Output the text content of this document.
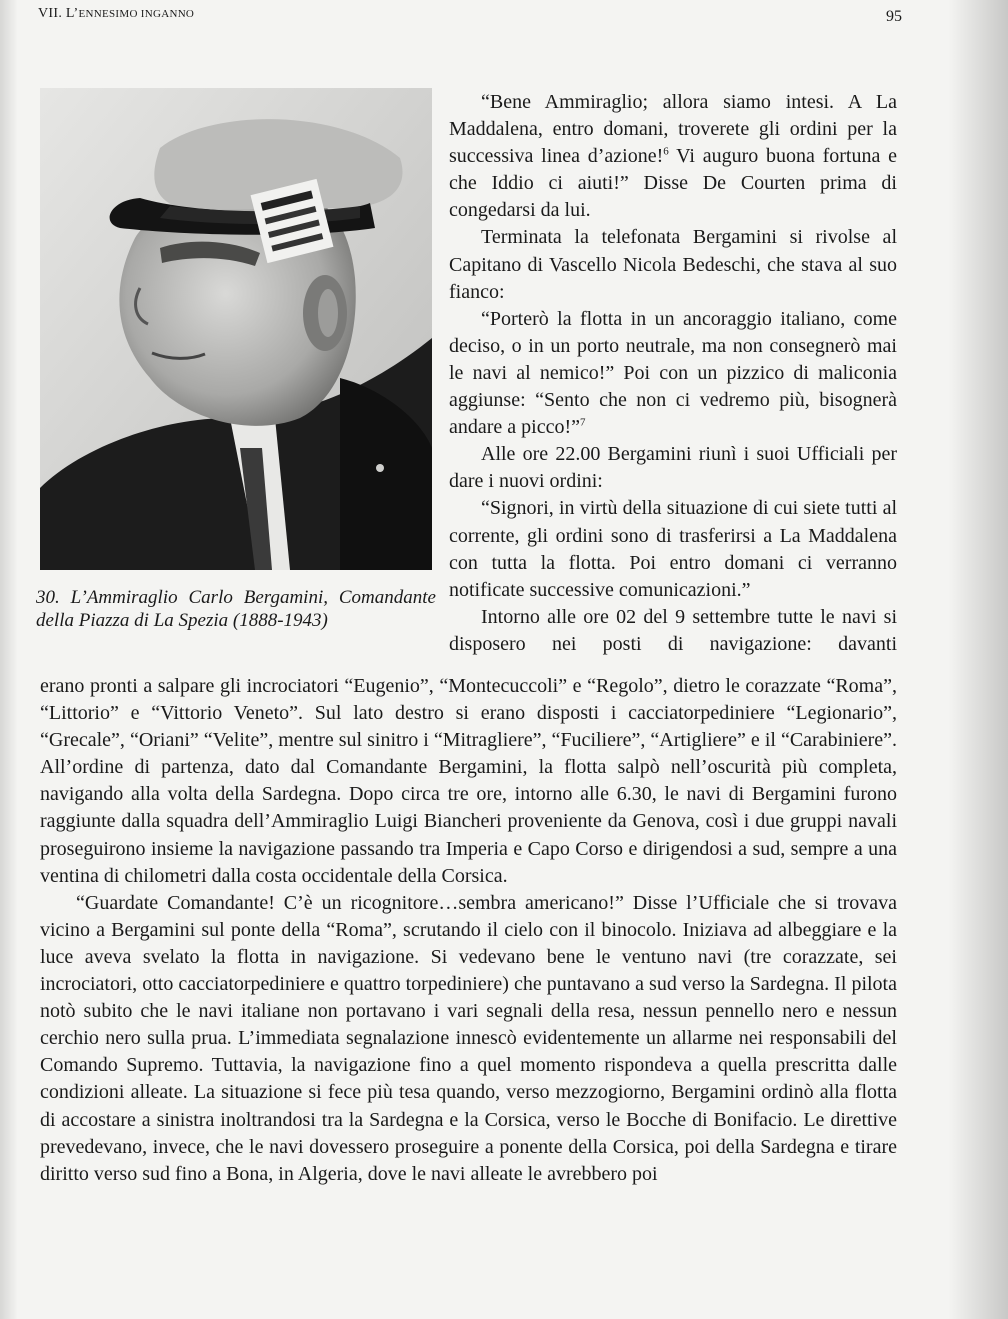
VII. L’ENNESIMO INGANNO	95

30. L’Ammiraglio Carlo Bergamini, Comandante della Piazza di La Spezia (1888-1943)

“Bene Ammiraglio; allora siamo intesi. A La Maddalena, entro domani, troverete gli ordini per la successiva linea d’azione!$^6$ Vi auguro buona fortuna e che Iddio ci aiuti!” Disse De Courten prima di congedarsi da lui.

Terminata la telefonata Bergamini si rivolse al Capitano di Vascello Nicola Bedeschi, che stava al suo fianco:

“Porterò la flotta in un ancoraggio italiano, come deciso, o in un porto neutrale, ma non consegnerò mai le navi al nemico!” Poi con un pizzico di maliconia aggiunse: “Sento che non ci vedremo più, bisognerà andare a picco!”$^7$

Alle ore 22.00 Bergamini riunì i suoi Ufficiali per dare i nuovi ordini:

“Signori, in virtù della situazione di cui siete tutti al corrente, gli ordini sono di trasferirsi a La Maddalena con tutta la flotta. Poi entro domani ci verranno notificate successive comunicazioni.”

Intorno alle ore 02 del 9 settembre tutte le navi si disposero nei posti di navigazione: davanti

erano pronti a salpare gli incrociatori “Eugenio”, “Montecuccoli” e “Regolo”, dietro le corazzate “Roma”, “Littorio” e “Vittorio Veneto”. Sul lato destro si erano disposti i cacciatorpediniere “Legionario”, “Grecale”, “Oriani” “Velite”, mentre sul sinitro i “Mitragliere”, “Fuciliere”, “Artigliere” e il “Carabiniere”. All’ordine di partenza, dato dal Comandante Bergamini, la flotta salpò nell’oscurità più completa, navigando alla volta della Sardegna. Dopo circa tre ore, intorno alle 6.30, le navi di Bergamini furono raggiunte dalla squadra dell’Ammiraglio Luigi Biancheri proveniente da Genova, così i due gruppi navali proseguirono insieme la navigazione passando tra Imperia e Capo Corso e dirigendosi a sud, sempre a una ventina di chilometri dalla costa occidentale della Corsica.

“Guardate Comandante! C’è un ricognitore…sembra americano!” Disse l’Ufficiale che si trovava vicino a Bergamini sul ponte della “Roma”, scrutando il cielo con il binocolo. Iniziava ad albeggiare e la luce aveva svelato la flotta in navigazione. Si vedevano bene le ventuno navi (tre corazzate, sei incrociatori, otto cacciatorpediniere e quattro torpediniere) che puntavano a sud verso la Sardegna. Il pilota notò subito che le navi italiane non portavano i vari segnali della resa, nessun pennello nero e nessun cerchio nero sulla prua. L’immediata segnalazione innescò evidentemente un allarme nei responsabili del Comando Supremo. Tuttavia, la navigazione fino a quel momento rispondeva a quella prescritta dalle condizioni alleate. La situazione si fece più tesa quando, verso mezzogiorno, Bergamini ordinò alla flotta di accostare a sinistra inoltrandosi tra la Sardegna e la Corsica, verso le Bocche di Bonifacio. Le direttive prevedevano, invece, che le navi dovessero proseguire a ponente della Corsica, poi della Sardegna e tirare diritto verso sud fino a Bona, in Algeria, dove le navi alleate le avrebbero poi
